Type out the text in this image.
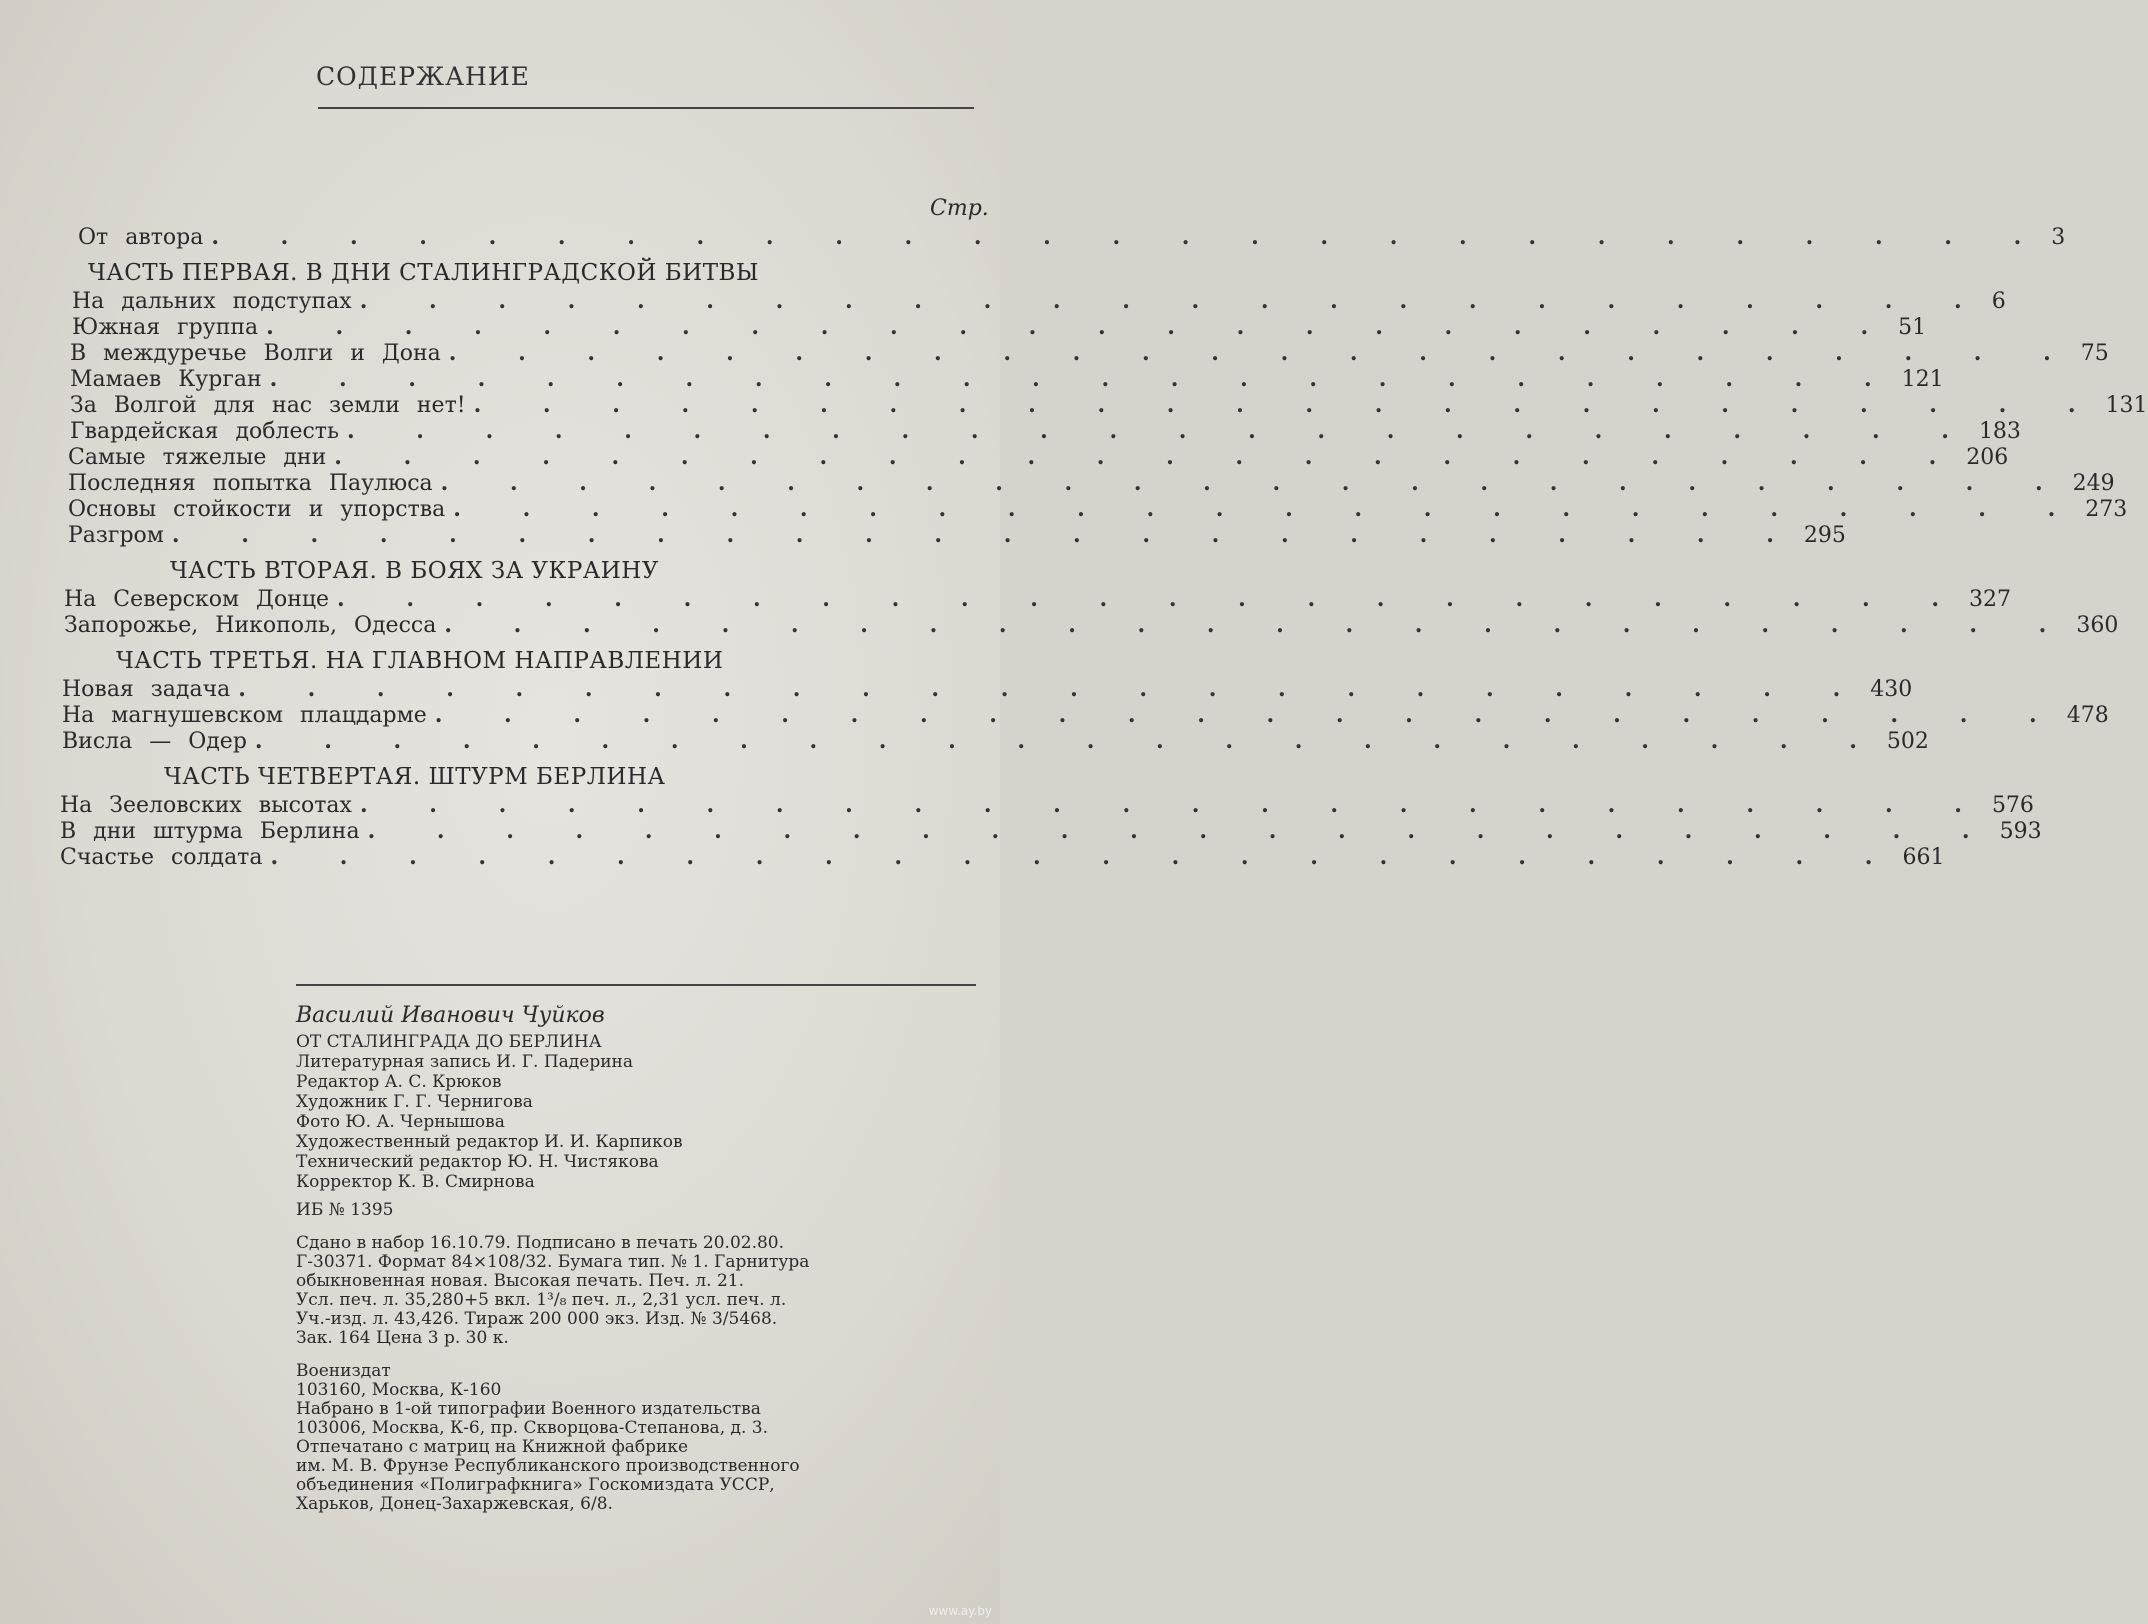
СОДЕРЖАНИЕ
Стр.
От автора . . . . . . . . . . . . . . . . . . . . . . . . . . . 3
ЧАСТЬ ПЕРВАЯ. В ДНИ СТАЛИНГРАДСКОЙ БИТВЫ
На дальних подступах . . . . . . . . . . . . . . . . . . . . . . . . 6
Южная группа . . . . . . . . . . . . . . . . . . . . . . . . 51
В междуречье Волги и Дона . . . . . . . . . . . . . . . . . . . . . . . . 75
Мамаев Курган . . . . . . . . . . . . . . . . . . . . . . . . 121
За Волгой для нас земли нет! . . . . . . . . . . . . . . . . . . . . . . . . 131
Гвардейская доблесть . . . . . . . . . . . . . . . . . . . . . . . . 183
Самые тяжелые дни . . . . . . . . . . . . . . . . . . . . . . . . 206
Последняя попытка Паулюса . . . . . . . . . . . . . . . . . . . . . . . . 249
Основы стойкости и упорства . . . . . . . . . . . . . . . . . . . . . . . . 273
Разгром . . . . . . . . . . . . . . . . . . . . . . . . 295
ЧАСТЬ ВТОРАЯ. В БОЯХ ЗА УКРАИНУ
На Северском Донце . . . . . . . . . . . . . . . . . . . . . . . . 327
Запорожье, Никополь, Одесса . . . . . . . . . . . . . . . . . . . . . . . . 360
ЧАСТЬ ТРЕТЬЯ. НА ГЛАВНОМ НАПРАВЛЕНИИ
Новая задача . . . . . . . . . . . . . . . . . . . . . . . . 430
На магнушевском плацдарме . . . . . . . . . . . . . . . . . . . . . . . . 478
Висла — Одер . . . . . . . . . . . . . . . . . . . . . . . . 502
ЧАСТЬ ЧЕТВЕРТАЯ. ШТУРМ БЕРЛИНА
На Зееловских высотах . . . . . . . . . . . . . . . . . . . . . . . . 576
В дни штурма Берлина . . . . . . . . . . . . . . . . . . . . . . . . 593
Счастье солдата . . . . . . . . . . . . . . . . . . . . . . . . 661
Василий Иванович Чуйков
ОТ СТАЛИНГРАДА ДО БЕРЛИНА
Литературная запись И. Г. Падерина
Редактор А. С. Крюков
Художник Г. Г. Чернигова
Фото Ю. А. Чернышова
Художественный редактор И. И. Карпиков
Технический редактор Ю. Н. Чистякова
Корректор К. В. Смирнова
ИБ № 1395
Сдано в набор 16.10.79. Подписано в печать 20.02.80.
Г-30371. Формат 84×108/32. Бумага тип. № 1. Гарнитура
обыкновенная новая. Высокая печать. Печ. л. 21.
Усл. печ. л. 35,280+5 вкл. 1³/₈ печ. л., 2,31 усл. печ. л.
Уч.-изд. л. 43,426. Тираж 200 000 экз. Изд. № 3/5468.
Зак. 164 Цена 3 р. 30 к.
Воениздат
103160, Москва, К-160
Набрано в 1-ой типографии Военного издательства
103006, Москва, К-6, пр. Скворцова-Степанова, д. 3.
Отпечатано с матриц на Книжной фабрике
им. М. В. Фрунзе Республиканского производственного
объединения «Полиграфкнига» Госкомиздата УССР,
Харьков, Донец-Захаржевская, 6/8.
www.ay.by
